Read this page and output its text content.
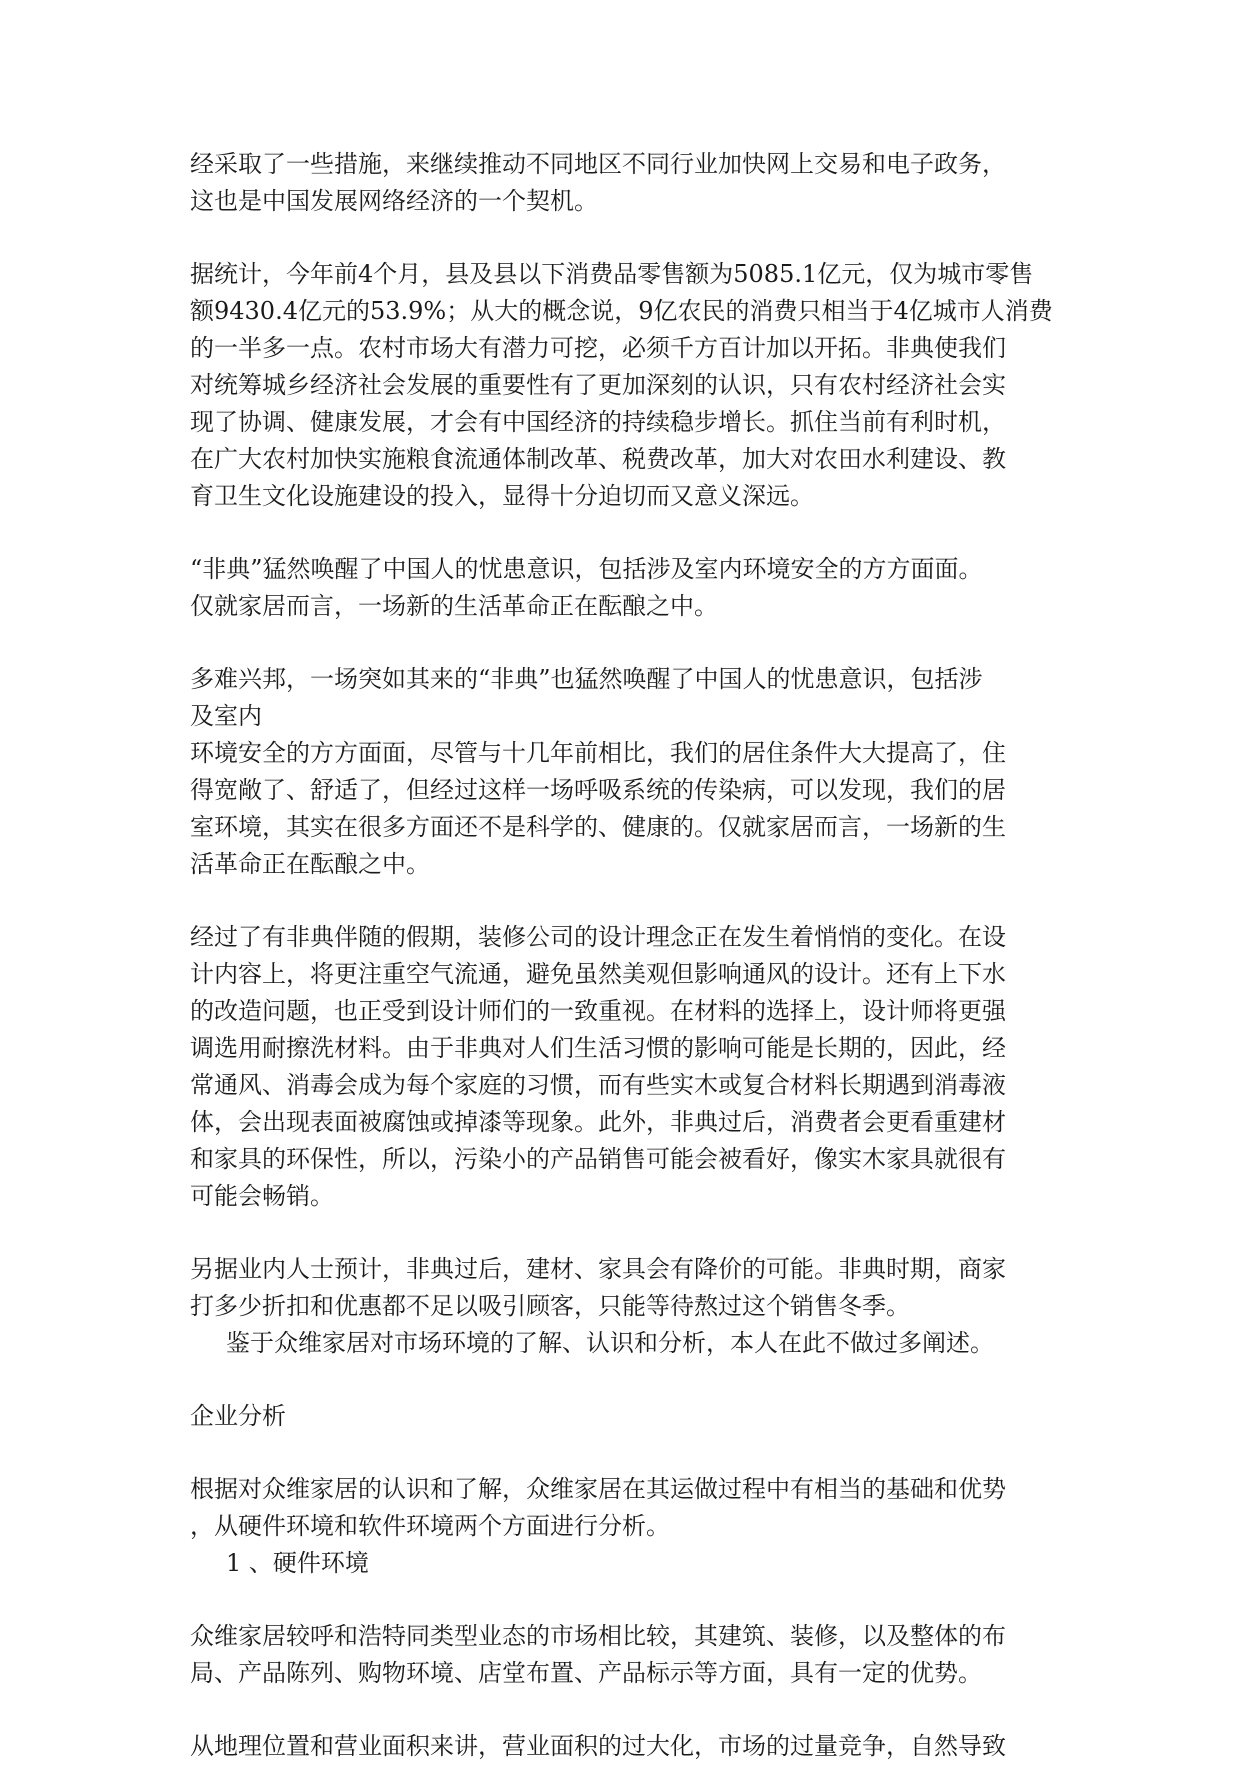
经采取了一些措施，来继续推动不同地区不同行业加快网上交易和电子政务，
这也是中国发展网络经济的一个契机。
据统计，今年前4个月，县及县以下消费品零售额为5085.1亿元，仅为城市零售
额9430.4亿元的53.9%；从大的概念说，9亿农民的消费只相当于4亿城市人消费
的一半多一点。农村市场大有潜力可挖，必须千方百计加以开拓。非典使我们
对统筹城乡经济社会发展的重要性有了更加深刻的认识，只有农村经济社会实
现了协调、健康发展，才会有中国经济的持续稳步增长。抓住当前有利时机，
在广大农村加快实施粮食流通体制改革、税费改革，加大对农田水利建设、教
育卫生文化设施建设的投入，显得十分迫切而又意义深远。
“非典”猛然唤醒了中国人的忧患意识，包括涉及室内环境安全的方方面面。
仅就家居而言，一场新的生活革命正在酝酿之中。
多难兴邦，一场突如其来的“非典”也猛然唤醒了中国人的忧患意识，包括涉
及室内
环境安全的方方面面，尽管与十几年前相比，我们的居住条件大大提高了，住
得宽敞了、舒适了，但经过这样一场呼吸系统的传染病，可以发现，我们的居
室环境，其实在很多方面还不是科学的、健康的。仅就家居而言，一场新的生
活革命正在酝酿之中。
经过了有非典伴随的假期，装修公司的设计理念正在发生着悄悄的变化。在设
计内容上，将更注重空气流通，避免虽然美观但影响通风的设计。还有上下水
的改造问题，也正受到设计师们的一致重视。在材料的选择上，设计师将更强
调选用耐擦洗材料。由于非典对人们生活习惯的影响可能是长期的，因此，经
常通风、消毒会成为每个家庭的习惯，而有些实木或复合材料长期遇到消毒液
体，会出现表面被腐蚀或掉漆等现象。此外，非典过后，消费者会更看重建材
和家具的环保性，所以，污染小的产品销售可能会被看好，像实木家具就很有
可能会畅销。
另据业内人士预计，非典过后，建材、家具会有降价的可能。非典时期，商家
打多少折扣和优惠都不足以吸引顾客，只能等待熬过这个销售冬季。
鉴于众维家居对市场环境的了解、认识和分析，本人在此不做过多阐述。
企业分析
根据对众维家居的认识和了解，众维家居在其运做过程中有相当的基础和优势
，从硬件环境和软件环境两个方面进行分析。
1 、硬件环境
众维家居较呼和浩特同类型业态的市场相比较，其建筑、装修，以及整体的布
局、产品陈列、购物环境、店堂布置、产品标示等方面，具有一定的优势。
从地理位置和营业面积来讲，营业面积的过大化，市场的过量竞争，自然导致
